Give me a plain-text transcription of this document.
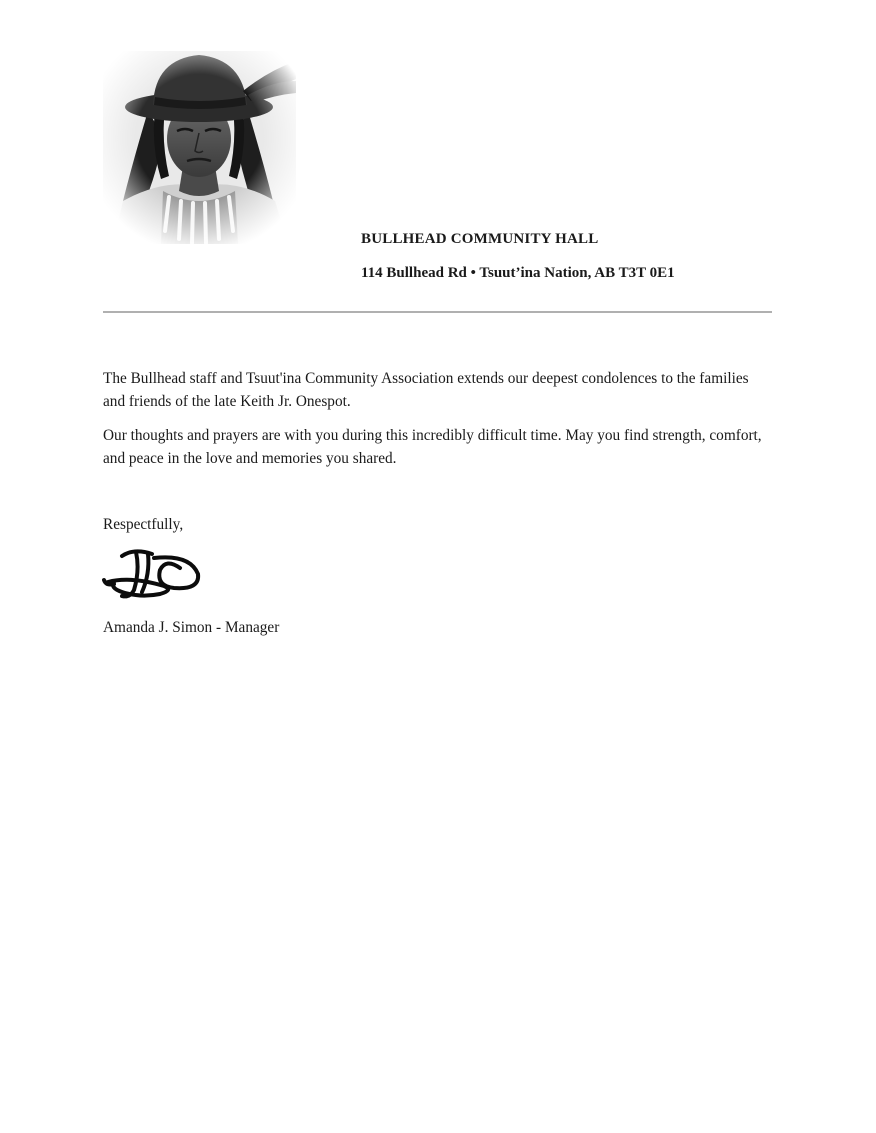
BULLHEAD COMMUNITY HALL
114 Bullhead Rd • Tsuut’ina Nation, AB T3T 0E1

The Bullhead staff and Tsuut'ina Community Association extends our deepest condolences to the families and friends of the late Keith Jr. Onespot.

Our thoughts and prayers are with you during this incredibly difficult time. May you find strength, comfort, and peace in the love and memories you shared.

Respectfully,
Amanda J. Simon - Manager
